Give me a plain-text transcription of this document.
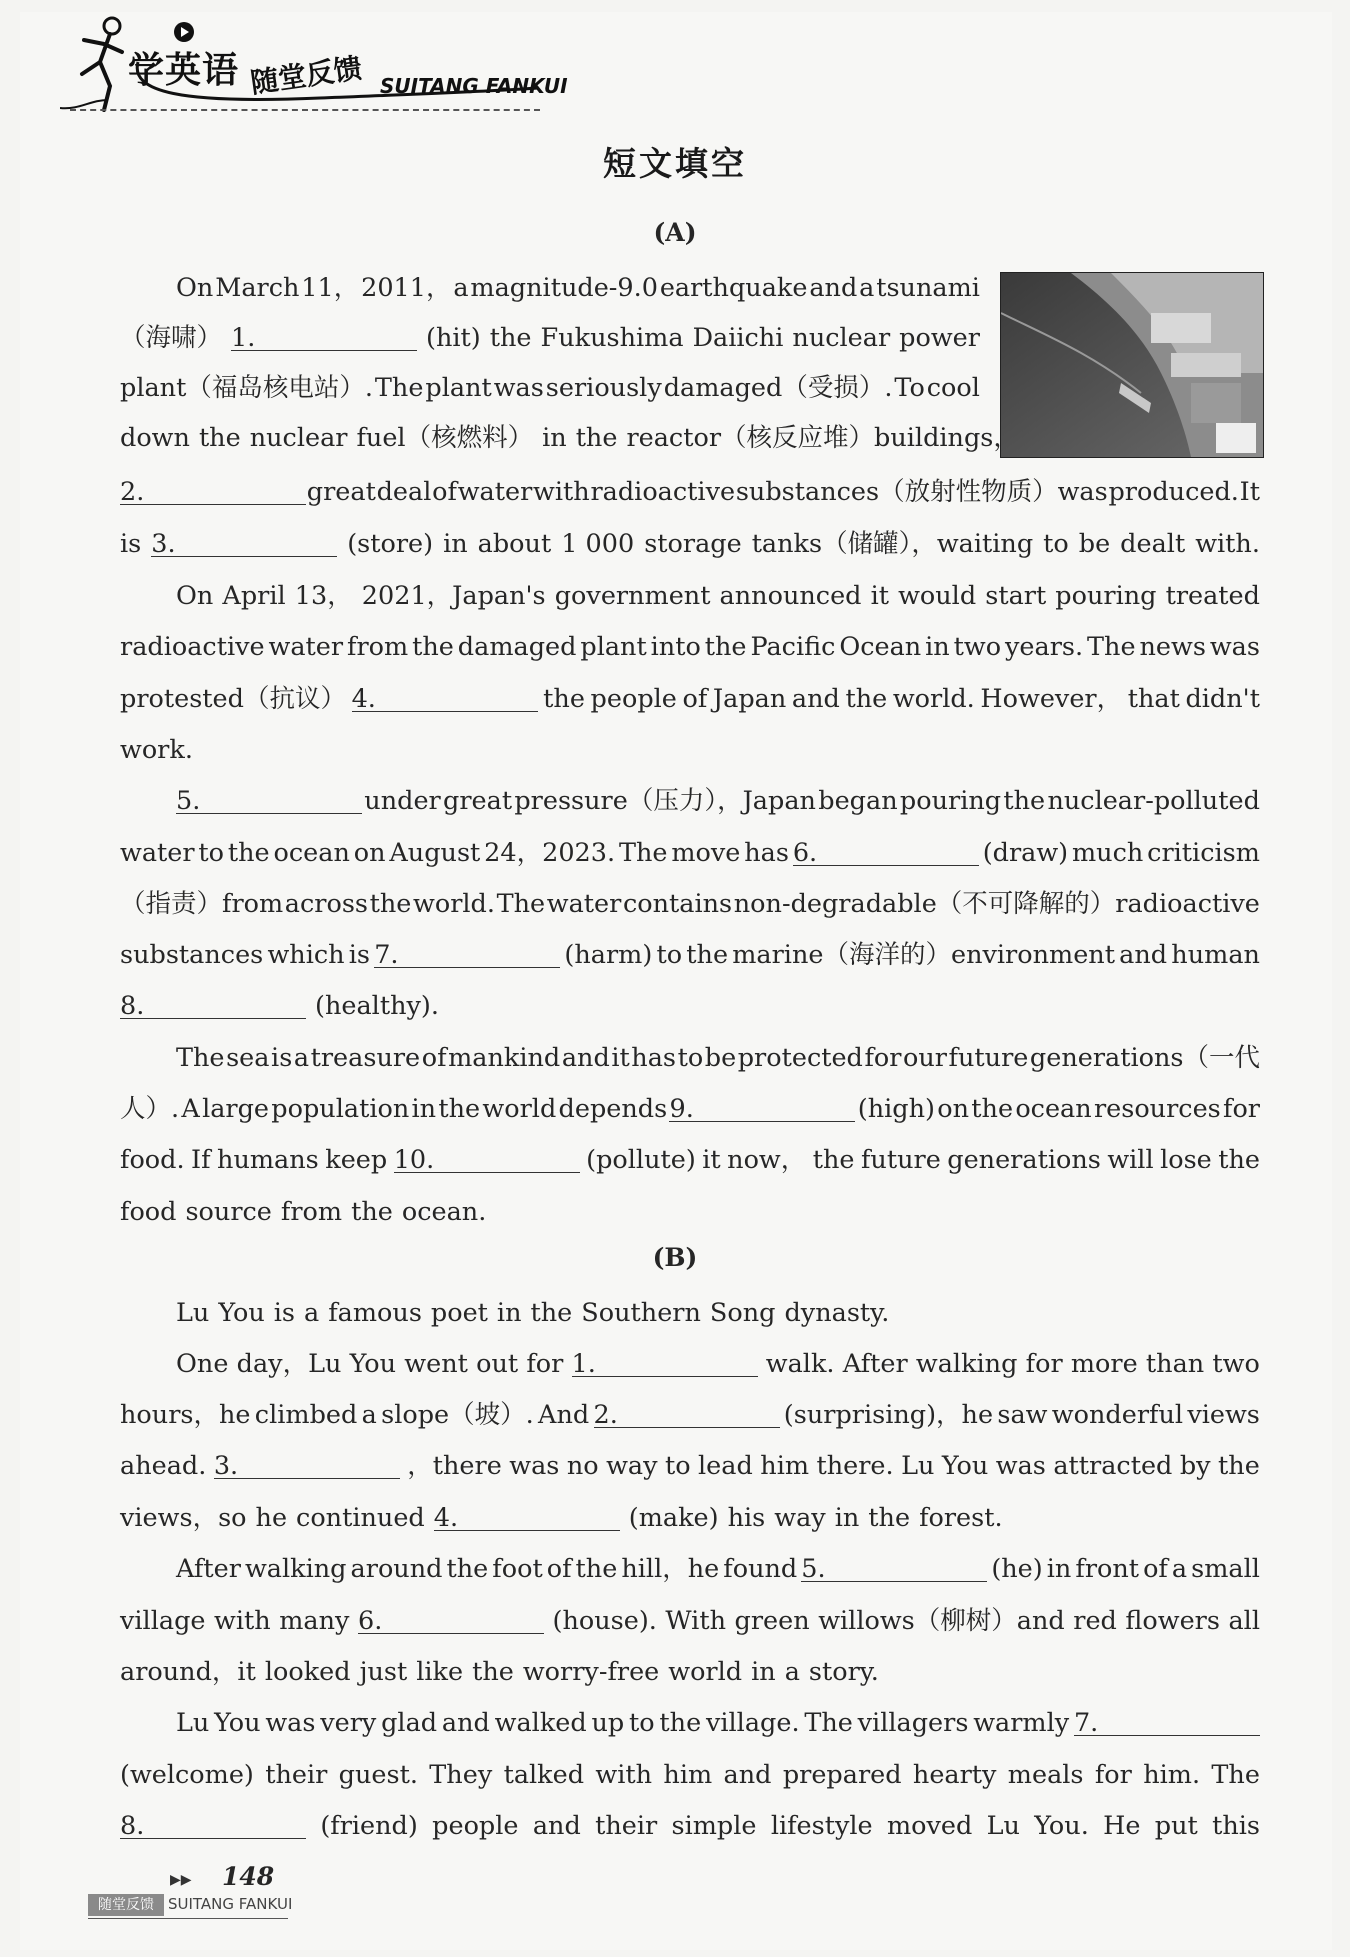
学英语 随堂反馈 SUITANG FANKUI
短文填空
(A)
On March 11， 2011， a magnitude-9.0 earthquake and a tsunami
（海啸） 1.	(hit) the Fukushima Daiichi nuclear power
plant（福岛核电站）. The plant was seriously damaged（受损）. To cool
down the nuclear fuel（核燃料） in the reactor（核反应堆）buildings，
2.	great deal of water with radioactive substances（放射性物质）was produced. It
is 3.	(store) in about 1 000 storage tanks（储罐），waiting to be dealt with.
On April 13， 2021，Japan's government announced it would start pouring treated
radioactive water from the damaged plant into the Pacific Ocean in two years. The news was
protested（抗议） 4.	the people of Japan and the world. However， that didn't
work.
5.	under great pressure（压力），Japan began pouring the nuclear-polluted
water to the ocean on August 24，2023. The move has 6.	(draw) much criticism
（指责）from across the world. The water contains non-degradable（不可降解的）radioactive
substances which is 7.	(harm) to the marine（海洋的）environment and human
8.	(healthy).
The sea is a treasure of mankind and it has to be protected for our future generations（一代
人）. A large population in the world depends 9.	(high) on the ocean resources for
food. If humans keep 10.	(pollute) it now， the future generations will lose the
food source from the ocean.
(B)
Lu You is a famous poet in the Southern Song dynasty.
One day，Lu You went out for 1.	walk. After walking for more than two
hours，he climbed a slope（坡）. And 2.	(surprising)，he saw wonderful views
ahead. 3.	，there was no way to lead him there. Lu You was attracted by the
views，so he continued 4.	(make) his way in the forest.
After walking around the foot of the hill，he found 5.	(he) in front of a small
village with many 6.	(house). With green willows（柳树）and red flowers all
around，it looked just like the worry-free world in a story.
Lu You was very glad and walked up to the village. The villagers warmly 7.
(welcome) their guest. They talked with him and prepared hearty meals for him. The
8.	(friend) people and their simple lifestyle moved Lu You. He put this
▶▶ 148
随堂反馈 SUITANG FANKUI
